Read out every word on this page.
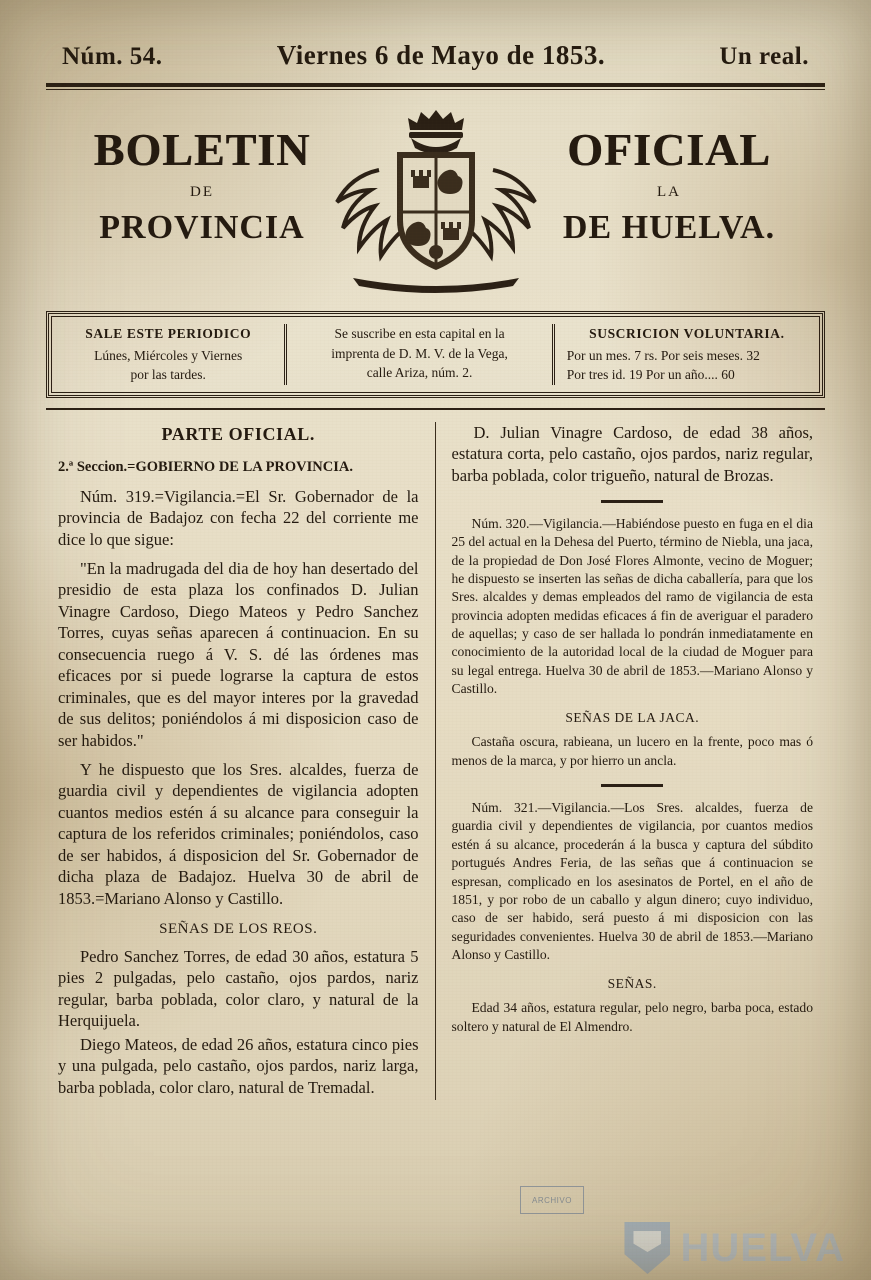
Núm. 54.	Viernes 6 de Mayo de 1853.	Un real.
BOLETIN
DE
PROVINCIA
OFICIAL
LA
DE HUELVA.
SALE ESTE PERIODICO
Lúnes, Miércoles y Viernes
por las tardes.
Se suscribe en esta capital en la
imprenta de D. M. V. de la Vega,
calle Ariza, núm. 2.
SUSCRICION VOLUNTARIA.
Por un mes. 7 rs. Por seis meses. 32
Por tres id. 19 Por un año.... 60
PARTE OFICIAL.
2.ª Seccion.=GOBIERNO DE LA PROVINCIA.

Núm. 319.=Vigilancia.=El Sr. Gobernador de la provincia de Badajoz con fecha 22 del corriente me dice lo que sigue:

"En la madrugada del dia de hoy han desertado del presidio de esta plaza los confinados D. Julian Vinagre Cardoso, Diego Mateos y Pedro Sanchez Torres, cuyas señas aparecen á continuacion. En su consecuencia ruego á V. S. dé las órdenes mas eficaces por si puede lograrse la captura de estos criminales, que es del mayor interes por la gravedad de sus delitos; poniéndolos á mi disposicion caso de ser habidos."

Y he dispuesto que los Sres. alcaldes, fuerza de guardia civil y dependientes de vigilancia adopten cuantos medios estén á su alcance para conseguir la captura de los referidos criminales; poniéndolos, caso de ser habidos, á disposicion del Sr. Gobernador de dicha plaza de Badajoz. Huelva 30 de abril de 1853.=Mariano Alonso y Castillo.

SEÑAS DE LOS REOS.

Pedro Sanchez Torres, de edad 30 años, estatura 5 pies 2 pulgadas, pelo castaño, ojos pardos, nariz regular, barba poblada, color claro, y natural de la Herquijuela.

Diego Mateos, de edad 26 años, estatura cinco pies y una pulgada, pelo castaño, ojos pardos, nariz larga, barba poblada, color claro, natural de Tremadal.

D. Julian Vinagre Cardoso, de edad 38 años, estatura corta, pelo castaño, ojos pardos, nariz regular, barba poblada, color trigueño, natural de Brozas.

Núm. 320.—Vigilancia.—Habiéndose puesto en fuga en el dia 25 del actual en la Dehesa del Puerto, término de Niebla, una jaca, de la propiedad de Don José Flores Almonte, vecino de Moguer; he dispuesto se inserten las señas de dicha caballería, para que los Sres. alcaldes y demas empleados del ramo de vigilancia de esta provincia adopten medidas eficaces á fin de averiguar el paradero de aquellas; y caso de ser hallada lo pondrán inmediatamente en conocimiento de la autoridad local de la ciudad de Moguer para su legal entrega. Huelva 30 de abril de 1853.—Mariano Alonso y Castillo.

SEÑAS DE LA JACA.

Castaña oscura, rabieana, un lucero en la frente, poco mas ó menos de la marca, y por hierro un ancla.

Núm. 321.—Vigilancia.—Los Sres. alcaldes, fuerza de guardia civil y dependientes de vigilancia, por cuantos medios estén á su alcance, procederán á la busca y captura del súbdito portugués Andres Feria, de las señas que á continuacion se espresan, complicado en los asesinatos de Portel, en el año de 1851, y por robo de un caballo y algun dinero; cuyo individuo, caso de ser habido, será puesto á mi disposicion con las seguridades convenientes. Huelva 30 de abril de 1853.—Mariano Alonso y Castillo.

SEÑAS.

Edad 34 años, estatura regular, pelo negro, barba poca, estado soltero y natural de El Almendro.

ARCHIVO
HUELVA
